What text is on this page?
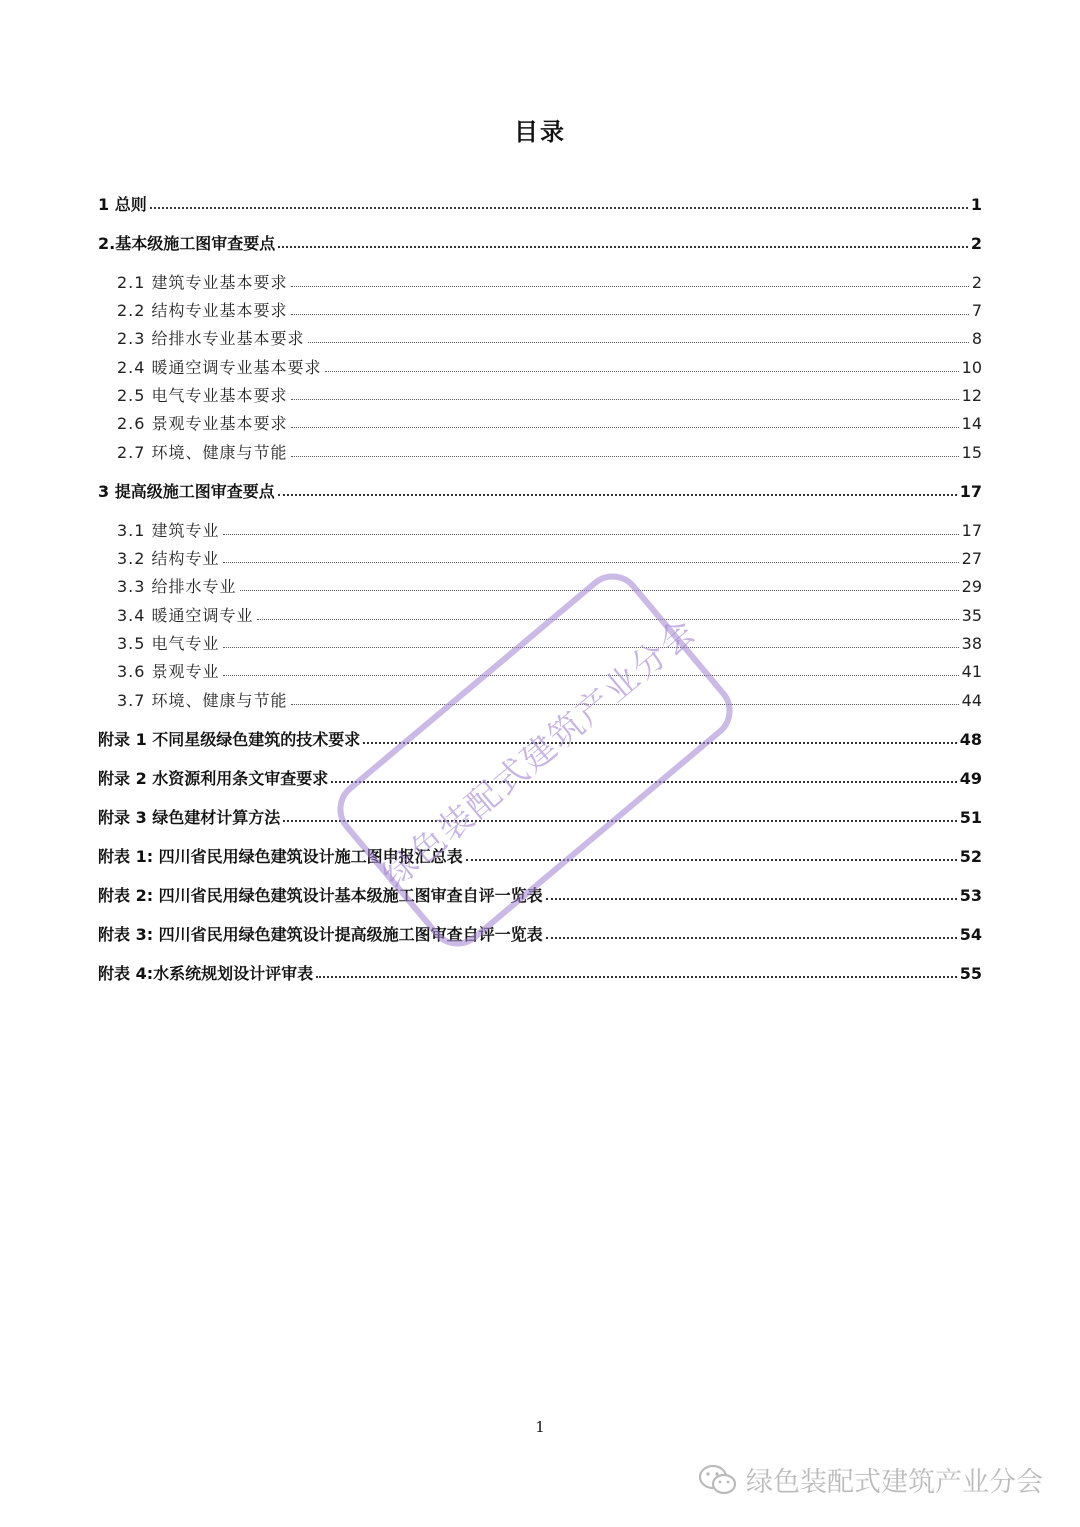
目录
1 总则	1
2.基本级施工图审查要点	2
2.1 建筑专业基本要求	2
2.2 结构专业基本要求	7
2.3 给排水专业基本要求	8
2.4 暖通空调专业基本要求	10
2.5 电气专业基本要求	12
2.6 景观专业基本要求	14
2.7 环境、健康与节能	15
3 提高级施工图审查要点	17
3.1 建筑专业	17
3.2 结构专业	27
3.3 给排水专业	29
3.4 暖通空调专业	35
3.5 电气专业	38
3.6 景观专业	41
3.7 环境、健康与节能	44
附录 1 不同星级绿色建筑的技术要求	48
附录 2 水资源利用条文审查要求	49
附录 3 绿色建材计算方法	51
附表 1: 四川省民用绿色建筑设计施工图申报汇总表	52
附表 2: 四川省民用绿色建筑设计基本级施工图审查自评一览表	53
附表 3: 四川省民用绿色建筑设计提高级施工图审查自评一览表	54
附表 4:水系统规划设计评审表	55
1
绿色装配式建筑产业分会
绿色装配式建筑产业分会
